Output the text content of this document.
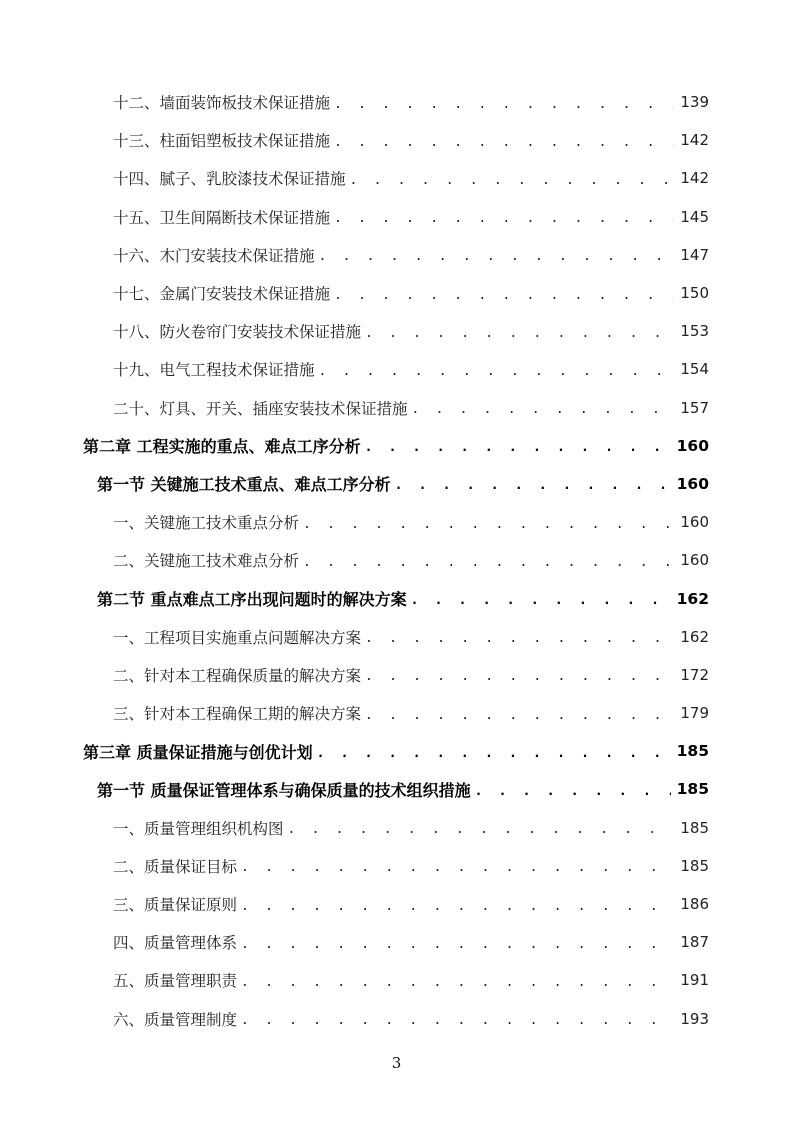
十二、墙面装饰板技术保证措施 . . .	139
十三、柱面铝塑板技术保证措施 . . .	142
十四、腻子、乳胶漆技术保证措施 . . .	142
十五、卫生间隔断技术保证措施 . . .	145
十六、木门安装技术保证措施 . . .	147
十七、金属门安装技术保证措施 . . .	150
十八、防火卷帘门安装技术保证措施 . . .	153
十九、电气工程技术保证措施 . . .	154
二十、灯具、开关、插座安装技术保证措施 . . .	157
第二章 工程实施的重点、难点工序分析 . . .	160
第一节 关键施工技术重点、难点工序分析 . . .	160
一、关键施工技术重点分析 . . .	160
二、关键施工技术难点分析 . . .	160
第二节 重点难点工序出现问题时的解决方案 . . .	162
一、工程项目实施重点问题解决方案 . . .	162
二、针对本工程确保质量的解决方案 . . .	172
三、针对本工程确保工期的解决方案 . . .	179
第三章 质量保证措施与创优计划 . . .	185
第一节 质量保证管理体系与确保质量的技术组织措施 . . .	185
一、质量管理组织机构图 . . .	185
二、质量保证目标 . . .	185
三、质量保证原则 . . .	186
四、质量管理体系 . . .	187
五、质量管理职责 . . .	191
六、质量管理制度 . . .	193
3
